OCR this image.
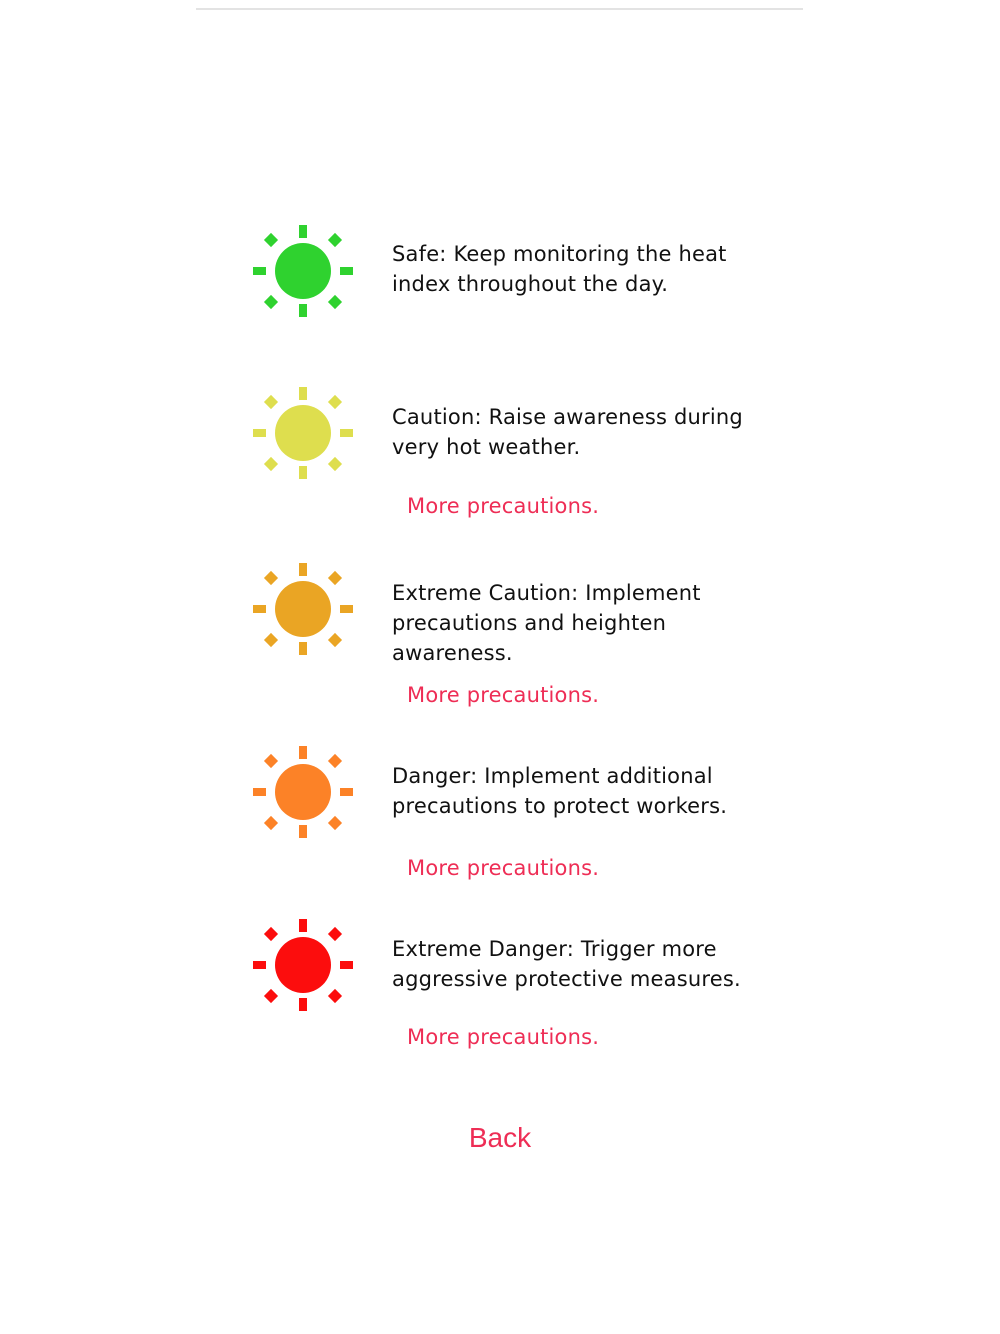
Safe: Keep monitoring the heat index throughout the day.
Caution: Raise awareness during very hot weather.
More precautions.
Extreme Caution: Implement precautions and heighten awareness.
More precautions.
Danger: Implement additional precautions to protect workers.
More precautions.
Extreme Danger: Trigger more aggressive protective measures.
More precautions.
Back
